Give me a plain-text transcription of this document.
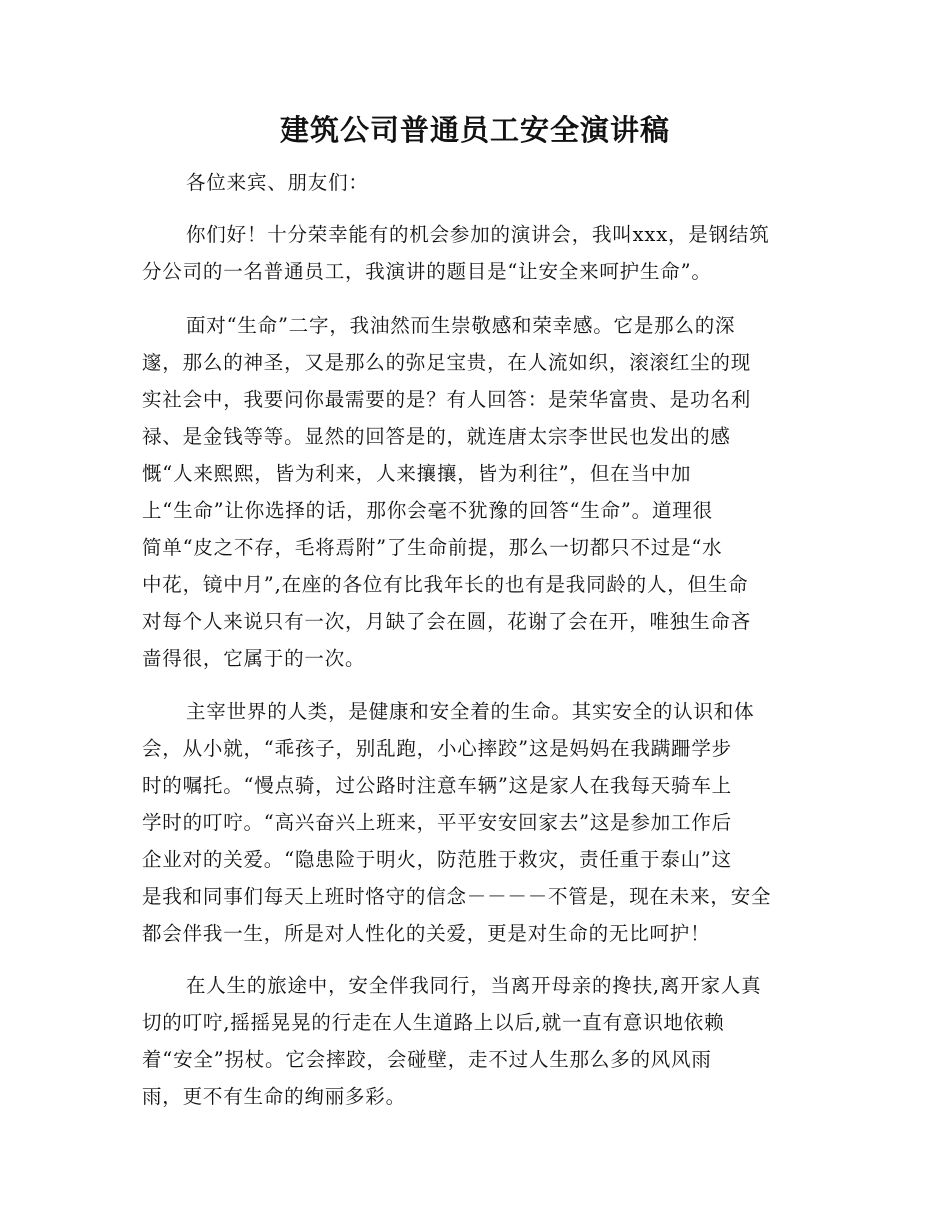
建筑公司普通员工安全演讲稿

各位来宾、朋友们：

你们好！十分荣幸能有的机会参加的演讲会，我叫xxx，是钢结筑

分公司的一名普通员工，我演讲的题目是“让安全来呵护生命”。

面对“生命”二字，我油然而生崇敬感和荣幸感。它是那么的深

邃，那么的神圣，又是那么的弥足宝贵，在人流如织，滚滚红尘的现

实社会中，我要问你最需要的是？有人回答：是荣华富贵、是功名利

禄、是金钱等等。显然的回答是的，就连唐太宗李世民也发出的感

慨“人来熙熙，皆为利来，人来攘攘，皆为利往”，但在当中加

上“生命”让你选择的话，那你会毫不犹豫的回答“生命”。道理很

简单“皮之不存，毛将焉附”了生命前提，那么一切都只不过是“水

中花，镜中月”,在座的各位有比我年长的也有是我同龄的人，但生命

对每个人来说只有一次，月缺了会在圆，花谢了会在开，唯独生命吝

啬得很，它属于的一次。

主宰世界的人类，是健康和安全着的生命。其实安全的认识和体

会，从小就，“乖孩子，别乱跑，小心摔跤”这是妈妈在我蹒跚学步

时的嘱托。“慢点骑，过公路时注意车辆”这是家人在我每天骑车上

学时的叮咛。“高兴奋兴上班来，平平安安回家去”这是参加工作后

企业对的关爱。“隐患险于明火，防范胜于救灾，责任重于泰山”这

是我和同事们每天上班时恪守的信念－－－－不管是，现在未来，安全

都会伴我一生，所是对人性化的关爱，更是对生命的无比呵护！

在人生的旅途中，安全伴我同行，当离开母亲的搀扶,离开家人真

切的叮咛,摇摇晃晃的行走在人生道路上以后,就一直有意识地依赖

着“安全”拐杖。它会摔跤，会碰壁，走不过人生那么多的风风雨

雨，更不有生命的绚丽多彩。
